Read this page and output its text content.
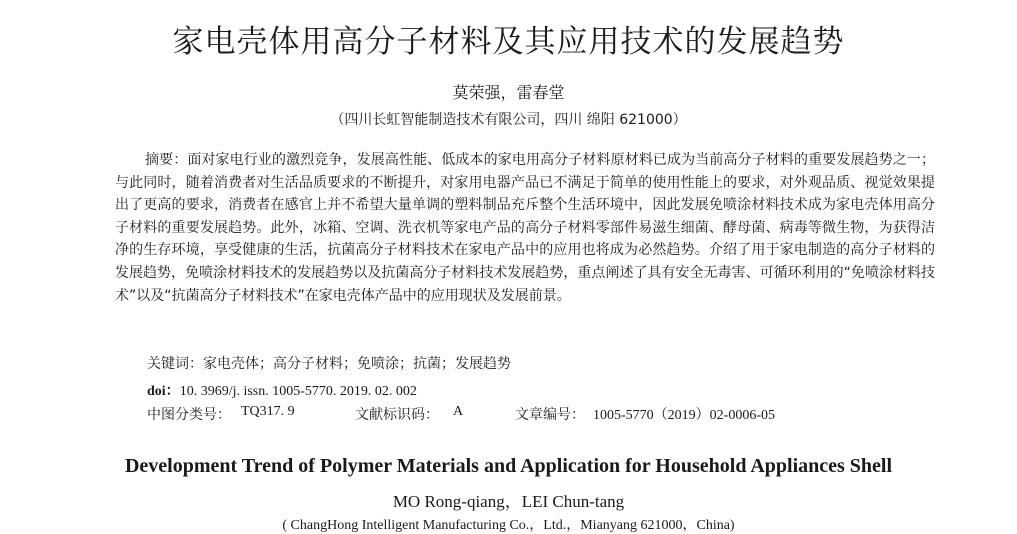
家电壳体用高分子材料及其应用技术的发展趋势
莫荣强，雷春堂
（四川长虹智能制造技术有限公司，四川 绵阳 621000）

摘要：面对家电行业的激烈竞争，发展高性能、低成本的家电用高分子材料原材料已成为当前高分子材料的重要发展趋势之一；与此同时，随着消费者对生活品质要求的不断提升，对家用电器产品已不满足于简单的使用性能上的要求，对外观品质、视觉效果提出了更高的要求，消费者在感官上并不希望大量单调的塑料制品充斥整个生活环境中，因此发展免喷涂材料技术成为家电壳体用高分子材料的重要发展趋势。此外，冰箱、空调、洗衣机等家电产品的高分子材料零部件易滋生细菌、酵母菌、病毒等微生物，为获得洁净的生存环境，享受健康的生活，抗菌高分子材料技术在家电产品中的应用也将成为必然趋势。介绍了用于家电制造的高分子材料的发展趋势，免喷涂材料技术的发展趋势以及抗菌高分子材料技术发展趋势，重点阐述了具有安全无毒害、可循环利用的“免喷涂材料技术”以及“抗菌高分子材料技术”在家电壳体产品中的应用现状及发展前景。

关键词：家电壳体；高分子材料；免喷涂；抗菌；发展趋势
doi：10. 3969/j. issn. 1005-5770. 2019. 02. 002
中图分类号： TQ317. 9	文献标识码： A	文章编号： 1005-5770（2019）02-0006-05
Development Trend of Polymer Materials and Application for Household Appliances Shell
MO Rong-qiang，LEI Chun-tang
( ChangHong Intelligent Manufacturing Co.，Ltd.，Mianyang 621000，China)
